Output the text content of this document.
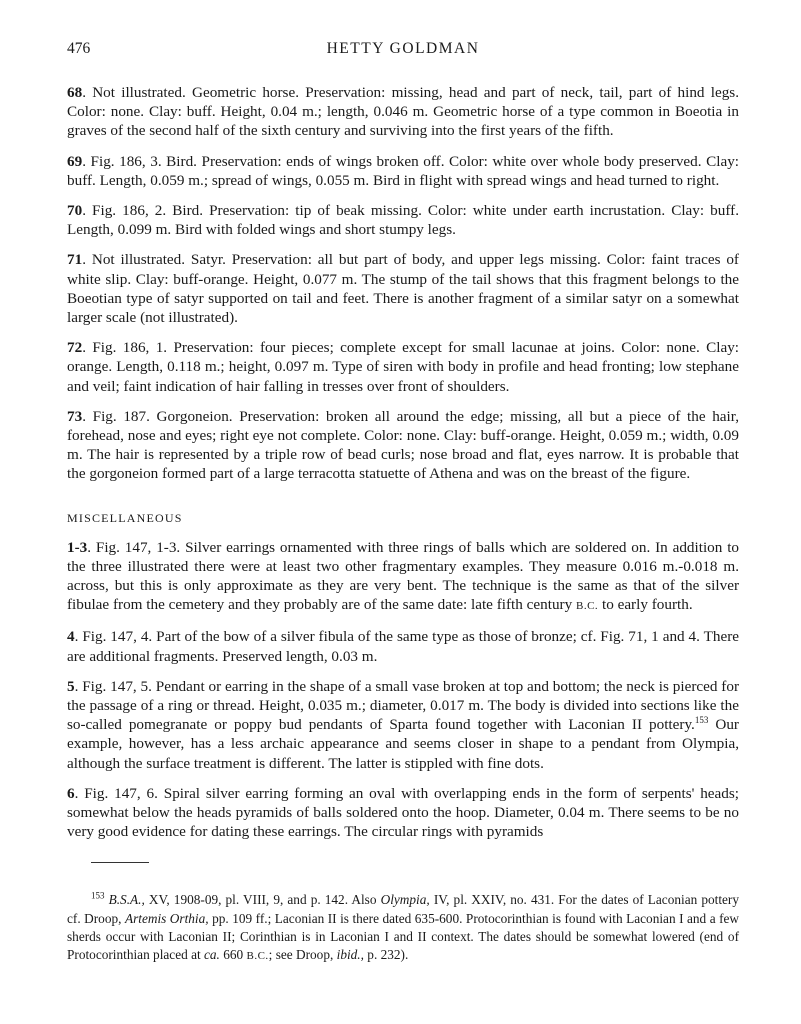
476	HETTY GOLDMAN

68. Not illustrated. Geometric horse. Preservation: missing, head and part of neck, tail, part of hind legs. Color: none. Clay: buff. Height, 0.04 m.; length, 0.046 m. Geometric horse of a type common in Boeotia in graves of the second half of the sixth century and surviving into the first years of the fifth.

69. Fig. 186, 3. Bird. Preservation: ends of wings broken off. Color: white over whole body preserved. Clay: buff. Length, 0.059 m.; spread of wings, 0.055 m. Bird in flight with spread wings and head turned to right.

70. Fig. 186, 2. Bird. Preservation: tip of beak missing. Color: white under earth incrustation. Clay: buff. Length, 0.099 m. Bird with folded wings and short stumpy legs.

71. Not illustrated. Satyr. Preservation: all but part of body, and upper legs missing. Color: faint traces of white slip. Clay: buff-orange. Height, 0.077 m. The stump of the tail shows that this fragment belongs to the Boeotian type of satyr supported on tail and feet. There is another fragment of a similar satyr on a somewhat larger scale (not illustrated).

72. Fig. 186, 1. Preservation: four pieces; complete except for small lacunae at joins. Color: none. Clay: orange. Length, 0.118 m.; height, 0.097 m. Type of siren with body in profile and head fronting; low stephane and veil; faint indication of hair falling in tresses over front of shoulders.

73. Fig. 187. Gorgoneion. Preservation: broken all around the edge; missing, all but a piece of the hair, forehead, nose and eyes; right eye not complete. Color: none. Clay: buff-orange. Height, 0.059 m.; width, 0.09 m. The hair is represented by a triple row of bead curls; nose broad and flat, eyes narrow. It is probable that the gorgoneion formed part of a large terracotta statuette of Athena and was on the breast of the figure.

MISCELLANEOUS

1-3. Fig. 147, 1-3. Silver earrings ornamented with three rings of balls which are soldered on. In addition to the three illustrated there were at least two other fragmentary examples. They measure 0.016 m.-0.018 m. across, but this is only approximate as they are very bent. The technique is the same as that of the silver fibulae from the cemetery and they probably are of the same date: late fifth century B.C. to early fourth.

4. Fig. 147, 4. Part of the bow of a silver fibula of the same type as those of bronze; cf. Fig. 71, 1 and 4. There are additional fragments. Preserved length, 0.03 m.

5. Fig. 147, 5. Pendant or earring in the shape of a small vase broken at top and bottom; the neck is pierced for the passage of a ring or thread. Height, 0.035 m.; diameter, 0.017 m. The body is divided into sections like the so-called pomegranate or poppy bud pendants of Sparta found together with Laconian II pottery.$^{153}$ Our example, however, has a less archaic appearance and seems closer in shape to a pendant from Olympia, although the surface treatment is different. The latter is stippled with fine dots.

6. Fig. 147, 6. Spiral silver earring forming an oval with overlapping ends in the form of serpents' heads; somewhat below the heads pyramids of balls soldered onto the hoop. Diameter, 0.04 m. There seems to be no very good evidence for dating these earrings. The circular rings with pyramids

$^{153}$ B.S.A., XV, 1908-09, pl. VIII, 9, and p. 142. Also Olympia, IV, pl. XXIV, no. 431. For the dates of Laconian pottery cf. Droop, Artemis Orthia, pp. 109 ff.; Laconian II is there dated 635-600. Protocorinthian is found with Laconian I and a few sherds occur with Laconian II; Corinthian is in Laconian I and II context. The dates should be somewhat lowered (end of Protocorinthian placed at ca. 660 B.C.; see Droop, ibid., p. 232).
